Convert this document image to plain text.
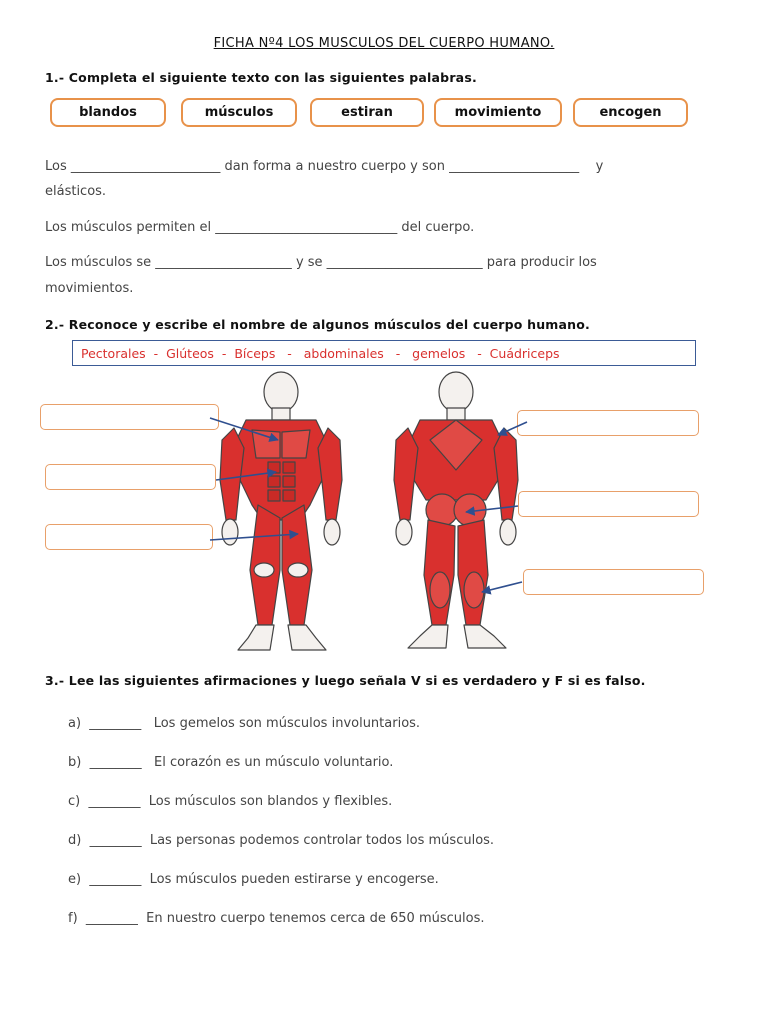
FICHA Nº4 LOS MUSCULOS DEL CUERPO HUMANO.
1.- Completa el siguiente texto con las siguientes palabras.
blandos	músculos	estiran	movimiento	encogen
Los _______________________ dan forma a nuestro cuerpo y son ____________________    y
elásticos.
Los músculos permiten el ____________________________ del cuerpo.
Los músculos se _____________________ y se ________________________ para producir los
movimientos.
2.- Reconoce y escribe el nombre de algunos músculos del cuerpo humano.
Pectorales  -  Glúteos  -  Bíceps   -   abdominales   -   gemelos   -  Cuádriceps
3.- Lee las siguientes afirmaciones y luego señala V si es verdadero y F si es falso.
a)  ________   Los gemelos son músculos involuntarios.
b)  ________   El corazón es un músculo voluntario.
c)  ________  Los músculos son blandos y flexibles.
d)  ________  Las personas podemos controlar todos los músculos.
e)  ________  Los músculos pueden estirarse y encogerse.
f)  ________  En nuestro cuerpo tenemos cerca de 650 músculos.
